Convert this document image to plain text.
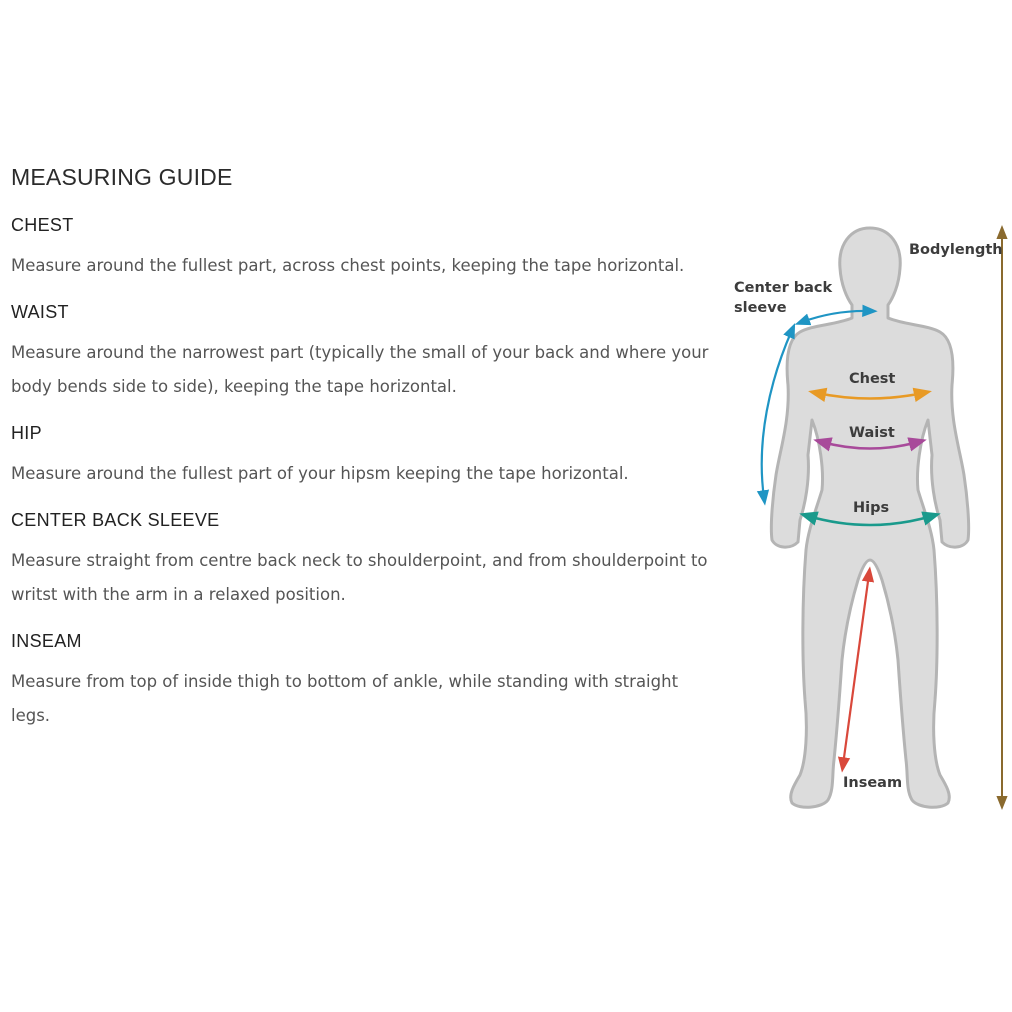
MEASURING GUIDE
CHEST

Measure around the fullest part, across chest points, keeping the tape horizontal.

WAIST

Measure around the narrowest part (typically the small of your back and where your body bends side to side), keeping the tape horizontal.

HIP

Measure around the fullest part of your hipsm keeping the tape horizontal.

CENTER BACK SLEEVE

Measure straight from centre back neck to shoulderpoint, and from shoulderpoint to writst with the arm in a relaxed position.

INSEAM

Measure from top of inside thigh to bottom of ankle, while standing with straight legs.

Bodylength
Center back
sleeve
Chest
Waist
Hips
Inseam
